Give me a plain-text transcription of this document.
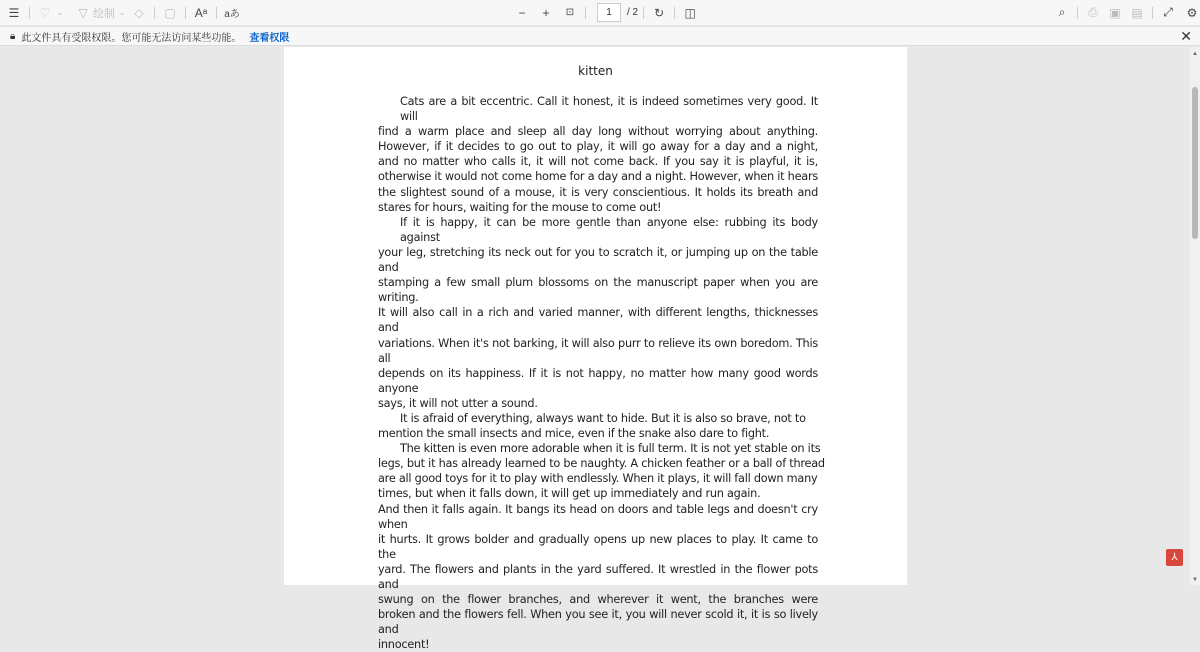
☰	♡ ⌄	▽ 绘制 ⌄ ◇	▢	Aᵃ	aあ	−	+	⊡	1	/ 2	↻	◫	⌕	⎙ ▣ ▤	⤢	⚙
🔒︎ 此文件具有受限权限。您可能无法访问某些功能。 查看权限	✕
kitten
Cats are a bit eccentric. Call it honest, it is indeed sometimes very good. It will
find a warm place and sleep all day long without worrying about anything.
However, if it decides to go out to play, it will go away for a day and a night,
and no matter who calls it, it will not come back. If you say it is playful, it is,
otherwise it would not come home for a day and a night. However, when it hears
the slightest sound of a mouse, it is very conscientious. It holds its breath and
stares for hours, waiting for the mouse to come out!
If it is happy, it can be more gentle than anyone else: rubbing its body against
your leg, stretching its neck out for you to scratch it, or jumping up on the table and
stamping a few small plum blossoms on the manuscript paper when you are writing.
It will also call in a rich and varied manner, with different lengths, thicknesses and
variations. When it's not barking, it will also purr to relieve its own boredom. This all
depends on its happiness. If it is not happy, no matter how many good words anyone
says, it will not utter a sound.
It is afraid of everything, always want to hide. But it is also so brave, not to
mention the small insects and mice, even if the snake also dare to fight.
The kitten is even more adorable when it is full term. It is not yet stable on its
legs, but it has already learned to be naughty. A chicken feather or a ball of thread
are all good toys for it to play with endlessly. When it plays, it will fall down many
times, but when it falls down, it will get up immediately and run again.
And then it falls again. It bangs its head on doors and table legs and doesn't cry when
it hurts. It grows bolder and gradually opens up new places to play. It came to the
yard. The flowers and plants in the yard suffered. It wrestled in the flower pots and
swung on the flower branches, and wherever it went, the branches were
broken and the flowers fell. When you see it, you will never scold it, it is so lively and
innocent!
▲
▼
⅄
